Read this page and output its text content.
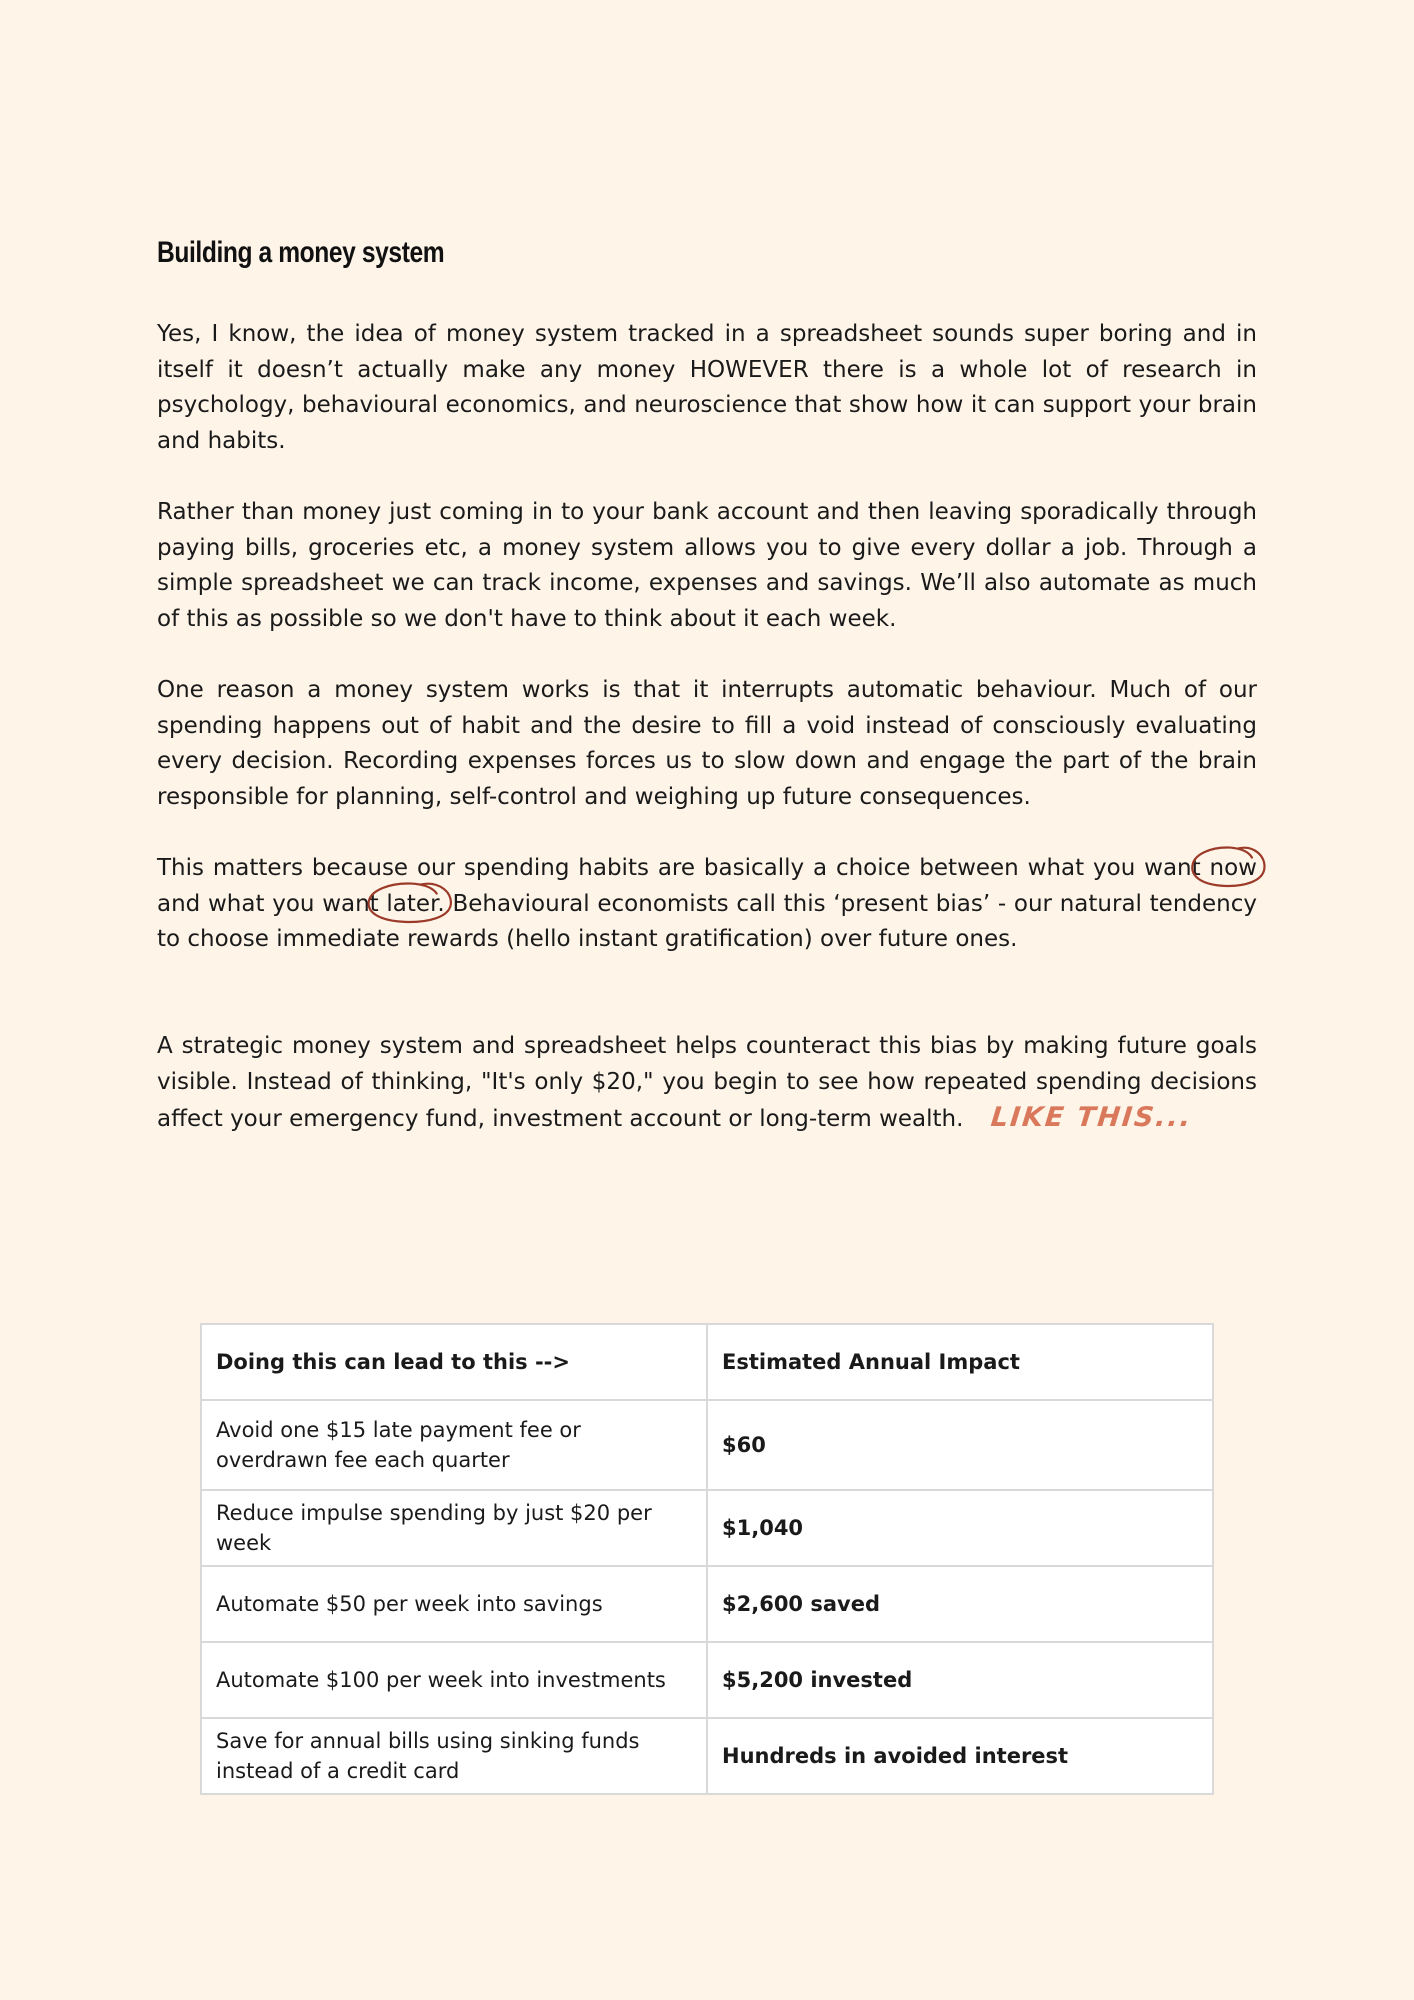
Building a money system

Yes, I know, the idea of money system tracked in a spreadsheet sounds super boring and in itself it doesn’t actually make any money HOWEVER there is a whole lot of research in psychology, behavioural economics, and neuroscience that show how it can support your brain and habits.

Rather than money just coming in to your bank account and then leaving sporadically through paying bills, groceries etc, a money system allows you to give every dollar a job. Through a simple spreadsheet we can track income, expenses and savings. We’ll also automate as much of this as possible so we don't have to think about it each week.

One reason a money system works is that it interrupts automatic behaviour. Much of our spending happens out of habit and the desire to fill a void instead of consciously evaluating every decision. Recording expenses forces us to slow down and engage the part of the brain responsible for planning, self-control and weighing up future consequences.

This matters because our spending habits are basically a choice between what you want
now and what you want
later. Behavioural economists call this ‘present bias’ - our natural tendency to choose immediate rewards (hello instant gratification) over future ones.

A strategic money system and spreadsheet helps counteract this bias by making future goals visible. Instead of thinking, "It's only $20," you begin to see how repeated spending decisions affect your emergency fund, investment account or long-term wealth. LIKE THIS...

Doing this can lead to this -->	Estimated Annual Impact
Avoid one $15 late payment fee or overdrawn fee each quarter	$60
Reduce impulse spending by just $20 per week	$1,040
Automate $50 per week into savings	$2,600 saved
Automate $100 per week into investments	$5,200 invested
Save for annual bills using sinking funds instead of a credit card	Hundreds in avoided interest
